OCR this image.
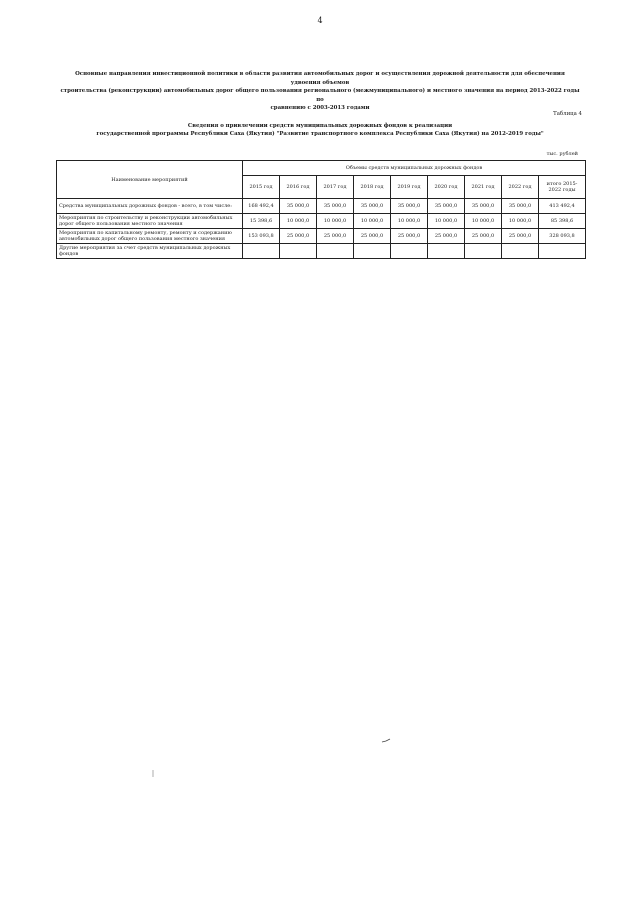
4
Основные направления инвестиционной политики в области развития автомобильных дорог и осуществления дорожной деятельности для обеспечения удвоения объемов
строительства (реконструкции) автомобильных дорог общего пользования регионального (межмуниципального) и местного значения на период 2013-2022 годы по
сравнению с 2003-2013 годами
Таблица 4
Сведения о привлечении средств муниципальных дорожных фондов к реализации
государственной программы Республики Саха (Якутия) "Развитие транспортного комплекса Республики Саха (Якутия) на 2012-2019 годы"
тыс. рублей
Наименование мероприятий	Объемы средств муниципальных дорожных фондов								
	2015 год	2016 год	2017 год	2018 год	2019 год	2020 год	2021 год	2022 год	итого 2015-2022 годы
Средства муниципальных дорожных фондов - всего, в том числе:	168 492,4	35 000,0	35 000,0	35 000,0	35 000,0	35 000,0	35 000,0	35 000,0	413 492,4
Мероприятия по строительству и реконструкции автомобильных дорог общего пользования местного значения	15 398,6	10 000,0	10 000,0	10 000,0	10 000,0	10 000,0	10 000,0	10 000,0	85 398,6
Мероприятия по капитальному ремонту, ремонту и содержанию автомобильных дорог общего пользования местного значения	153 093,8	25 000,0	25 000,0	25 000,0	25 000,0	25 000,0	25 000,0	25 000,0	328 093,8
Другие мероприятия за счет средств муниципальных дорожных фондов									
